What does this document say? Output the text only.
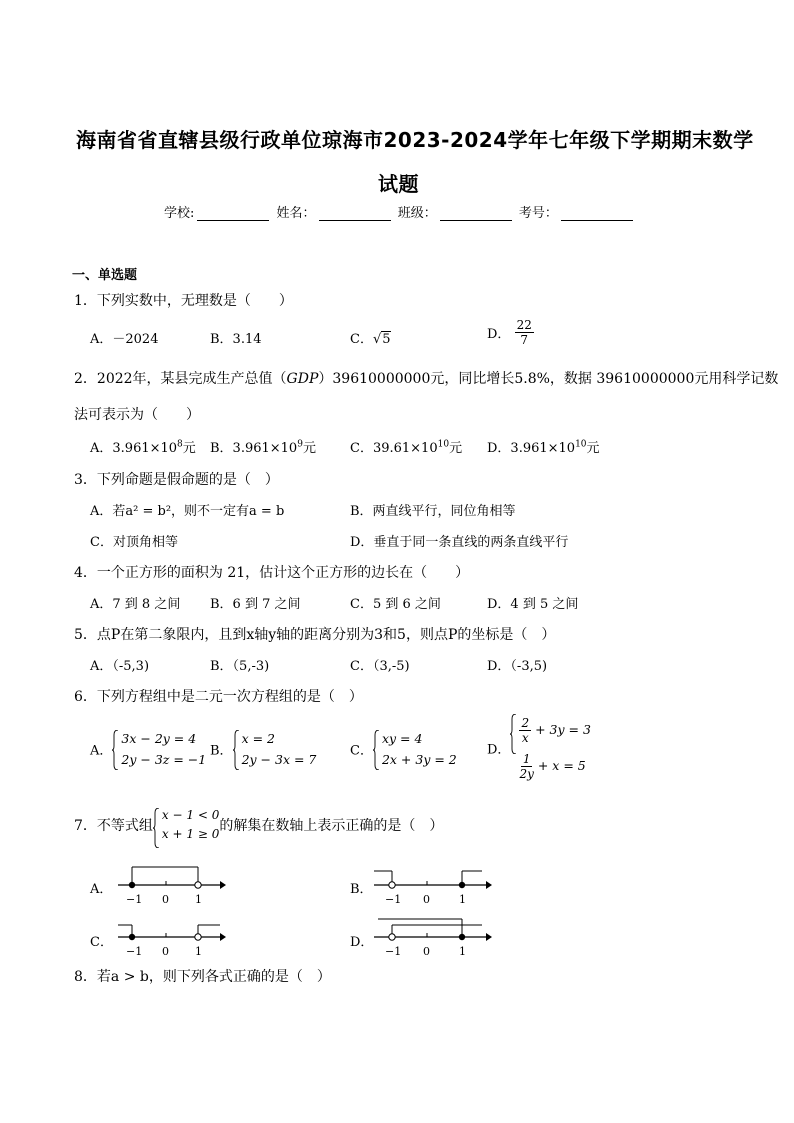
海南省省直辖县级行政单位琼海市2023-2024学年七年级下学期期末数学
试题
学校:	姓名：	班级：	考号：
一、单选题
1．下列实数中，无理数是（　　）
A．－2024	B．3.14	C．√5	D． $\frac{22}{7}$
2．2022年，某县完成生产总值（GDP）39610000000元，同比增长5.8%，数据 39610000000元用科学记数
法可表示为（　　）
A．$3.961\times 10^8$元 B．$3.961\times 10^9$元	C．$39.61\times 10^{10}$元 D．$3.961\times 10^{10}$元
3．下列命题是假命题的是（　）
A．若a² = b²，则不一定有a = b	B．两直线平行，同位角相等
C．对顶角相等	D．垂直于同一条直线的两条直线平行
4．一个正方形的面积为 21，估计这个正方形的边长在（　　）
A．7 到 8 之间 B．6 到 7 之间	C．5 到 6 之间	D．4 到 5 之间
5．点P在第二象限内，且到x轴y轴的距离分别为3和5，则点P的坐标是（　）
A．（-5,3)	B．（5,-3)	C．（3,-5)	D．（-3,5)
6．下列方程组中是二元一次方程组的是（　）
A．
3x − 2y = 4
2y − 3z = −1
B．
x = 2
2y − 3x = 7
C．
xy = 4
2x + 3y = 2
D．
$\frac{2}{x} + 3y = 3$

$\frac{1}{2y} + x = 5$
7．不等式组
x − 1 < 0
x + 1 ≥ 0的解集在数轴上表示正确的是（　）
A．
−1 0 1
B．
−1 0	1
C．
−1 0 1
D．
−1 0	1
8．若a > b，则下列各式正确的是（　）
